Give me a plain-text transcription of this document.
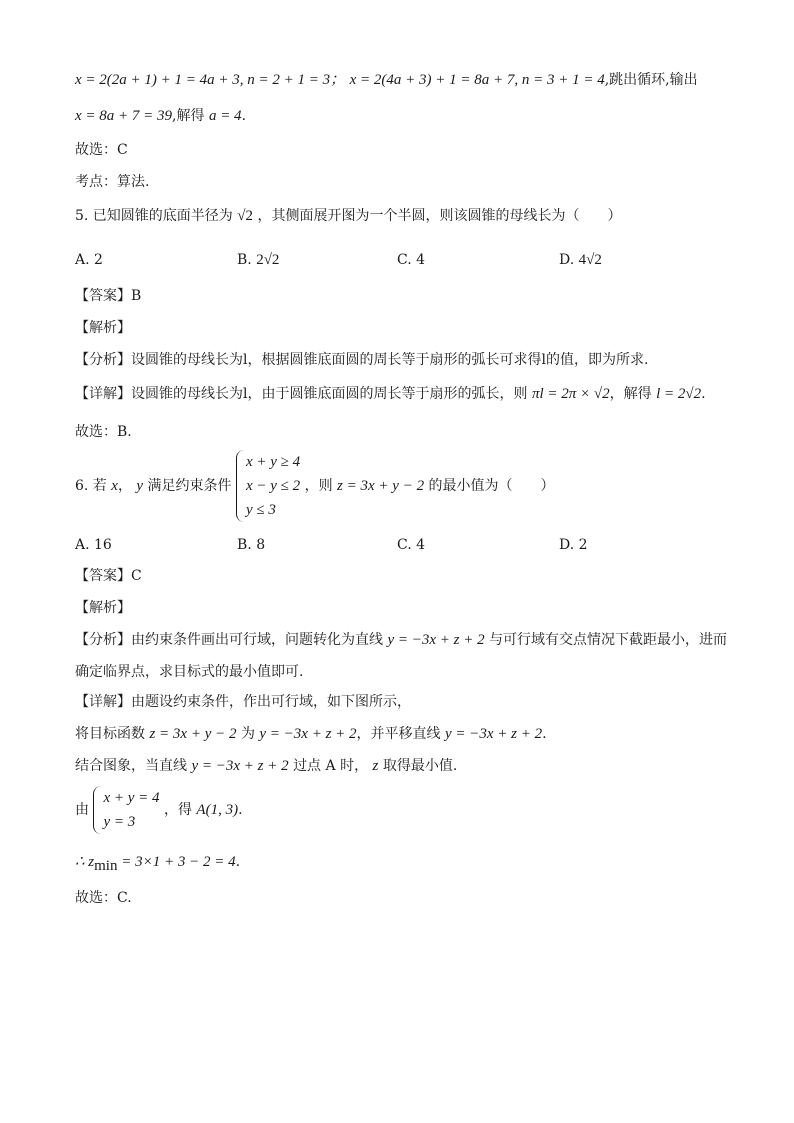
x = 2(2a + 1) + 1 = 4a + 3, n = 2 + 1 = 3； x = 2(4a + 3) + 1 = 8a + 7, n = 3 + 1 = 4,跳出循环,输出
x = 8a + 7 = 39,解得 a = 4.
故选：C
考点：算法.
5. 已知圆锥的底面半径为 √2 ，其侧面展开图为一个半圆，则该圆锥的母线长为（　　）
A. 2	B. 2√2	C. 4	D. 4√2
【答案】B
【解析】
【分析】设圆锥的母线长为l，根据圆锥底面圆的周长等于扇形的弧长可求得l的值，即为所求.
【详解】设圆锥的母线长为l，由于圆锥底面圆的周长等于扇形的弧长，则 πl = 2π × √2，解得 l = 2√2.
故选：B.
6. 若 x， y 满足约束条件
x + y ≥ 4
x − y ≤ 2
y ≤ 3
，则 z = 3x + y − 2 的最小值为（　　）
A. 16	B. 8	C. 4	D. 2
【答案】C
【解析】
【分析】由约束条件画出可行域，问题转化为直线 y = −3x + z + 2 与可行域有交点情况下截距最小，进而
确定临界点，求目标式的最小值即可.
【详解】由题设约束条件，作出可行域，如下图所示，
将目标函数 z = 3x + y − 2 为 y = −3x + z + 2，并平移直线 y = −3x + z + 2.
结合图象，当直线 y = −3x + z + 2 过点 A 时， z 取得最小值.
由
x + y = 4
y = 3
，得 A(1, 3).
∴ $z_{min} = 3\times 1 + 3 - 2 = 4$.
故选：C.
